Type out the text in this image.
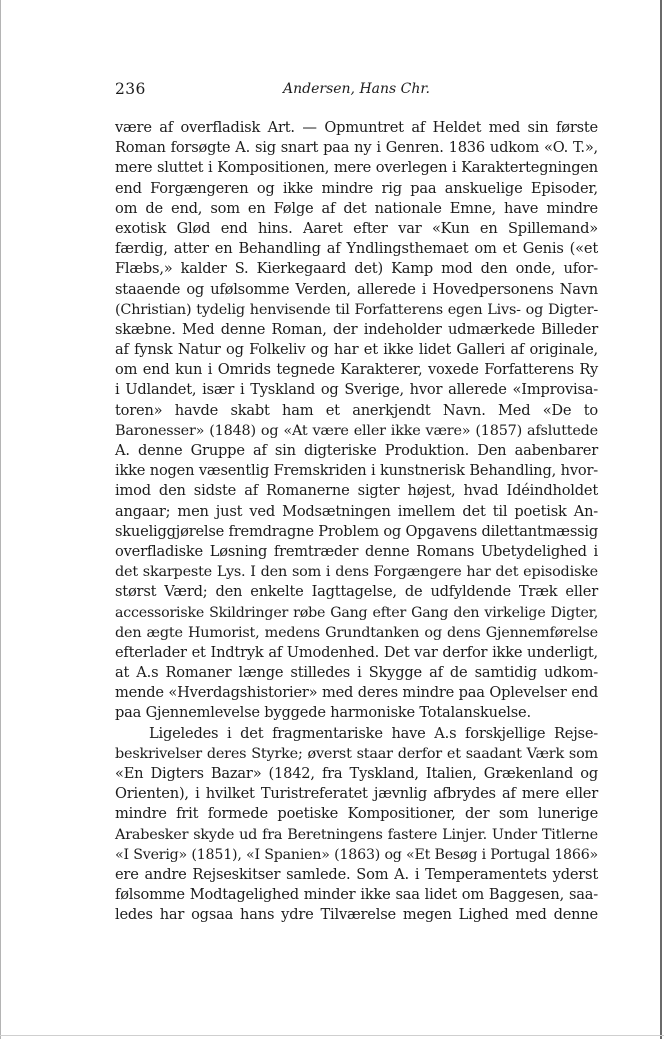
236	Andersen, Hans Chr.
være af overfladisk Art. — Opmuntret af Heldet med sin første
Roman forsøgte A. sig snart paa ny i Genren. 1836 udkom «O. T.»,
mere sluttet i Kompositionen, mere overlegen i Karaktertegningen
end Forgængeren og ikke mindre rig paa anskuelige Episoder,
om de end, som en Følge af det nationale Emne, have mindre
exotisk Glød end hins. Aaret efter var «Kun en Spillemand»
færdig, atter en Behandling af Yndlingsthemaet om et Genis («et
Flæbs,» kalder S. Kierkegaard det) Kamp mod den onde, ufor-
staaende og ufølsomme Verden, allerede i Hovedpersonens Navn
(Christian) tydelig henvisende til Forfatterens egen Livs- og Digter-
skæbne. Med denne Roman, der indeholder udmærkede Billeder
af fynsk Natur og Folkeliv og har et ikke lidet Galleri af originale,
om end kun i Omrids tegnede Karakterer, voxede Forfatterens Ry
i Udlandet, især i Tyskland og Sverige, hvor allerede «Improvisa-
toren» havde skabt ham et anerkjendt Navn. Med «De to
Baronesser» (1848) og «At være eller ikke være» (1857) afsluttede
A. denne Gruppe af sin digteriske Produktion. Den aabenbarer
ikke nogen væsentlig Fremskriden i kunstnerisk Behandling, hvor-
imod den sidste af Romanerne sigter højest, hvad Idéindholdet
angaar; men just ved Modsætningen imellem det til poetisk An-
skueliggjørelse fremdragne Problem og Opgavens dilettantmæssig
overfladiske Løsning fremtræder denne Romans Ubetydelighed i
det skarpeste Lys. I den som i dens Forgængere har det episodiske
størst Værd; den enkelte Iagttagelse, de udfyldende Træk eller
accessoriske Skildringer røbe Gang efter Gang den virkelige Digter,
den ægte Humorist, medens Grundtanken og dens Gjennemførelse
efterlader et Indtryk af Umodenhed. Det var derfor ikke underligt,
at A.s Romaner længe stilledes i Skygge af de samtidig udkom-
mende «Hverdagshistorier» med deres mindre paa Oplevelser end
paa Gjennemlevelse byggede harmoniske Totalanskuelse.
Ligeledes i det fragmentariske have A.s forskjellige Rejse-
beskrivelser deres Styrke; øverst staar derfor et saadant Værk som
«En Digters Bazar» (1842, fra Tyskland, Italien, Grækenland og
Orienten), i hvilket Turistreferatet jævnlig afbrydes af mere eller
mindre frit formede poetiske Kompositioner, der som lunerige
Arabesker skyde ud fra Beretningens fastere Linjer. Under Titlerne
«I Sverig» (1851), «I Spanien» (1863) og «Et Besøg i Portugal 1866»
ere andre Rejseskitser samlede. Som A. i Temperamentets yderst
følsomme Modtagelighed minder ikke saa lidet om Baggesen, saa-
ledes har ogsaa hans ydre Tilværelse megen Lighed med denne
